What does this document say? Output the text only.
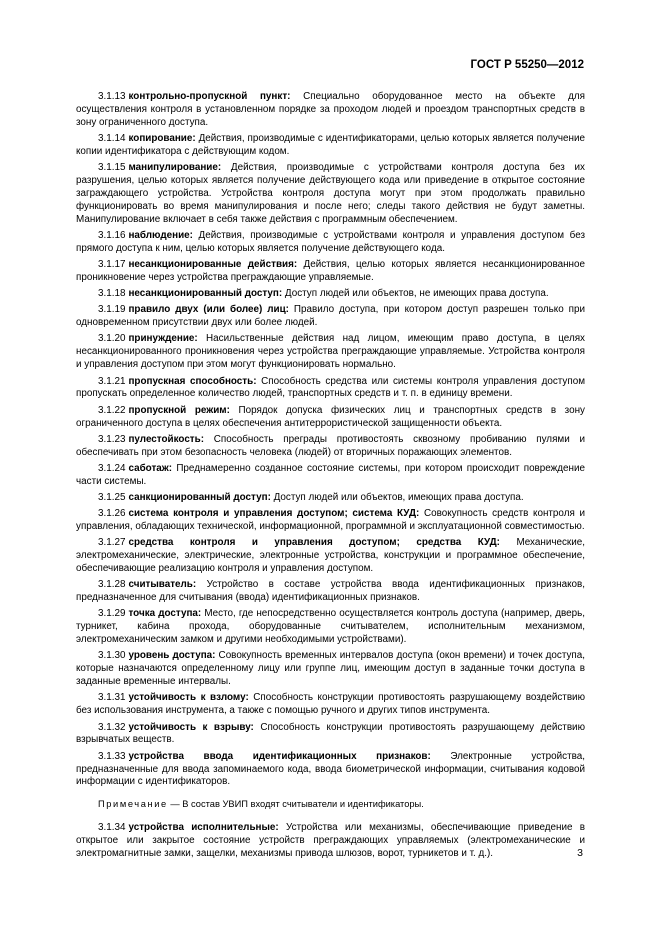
ГОСТ Р 55250—2012

3.1.13 контрольно-пропускной пункт: Специально оборудованное место на объекте для осуществления контроля в установленном порядке за проходом людей и проездом транспортных средств в зону ограниченного доступа.

3.1.14 копирование: Действия, производимые с идентификаторами, целью которых является получение копии идентификатора с действующим кодом.

3.1.15 манипулирование: Действия, производимые с устройствами контроля доступа без их разрушения, целью которых является получение действующего кода или приведение в открытое состояние заграждающего устройства. Устройства контроля доступа могут при этом продолжать правильно функционировать во время манипулирования и после него; следы такого действия не будут заметны. Манипулирование включает в себя также действия с программным обеспечением.

3.1.16 наблюдение: Действия, производимые с устройствами контроля и управления доступом без прямого доступа к ним, целью которых является получение действующего кода.

3.1.17 несанкционированные действия: Действия, целью которых является несанкционированное проникновение через устройства преграждающие управляемые.

3.1.18 несанкционированный доступ: Доступ людей или объектов, не имеющих права доступа.

3.1.19 правило двух (или более) лиц: Правило доступа, при котором доступ разрешен только при одновременном присутствии двух или более людей.

3.1.20 принуждение: Насильственные действия над лицом, имеющим право доступа, в целях несанкционированного проникновения через устройства преграждающие управляемые. Устройства контроля и управления доступом при этом могут функционировать нормально.

3.1.21 пропускная способность: Способность средства или системы контроля управления доступом пропускать определенное количество людей, транспортных средств и т. п. в единицу времени.

3.1.22 пропускной режим: Порядок допуска физических лиц и транспортных средств в зону ограниченного доступа в целях обеспечения антитеррористической защищенности объекта.

3.1.23 пулестойкость: Способность преграды противостоять сквозному пробиванию пулями и обеспечивать при этом безопасность человека (людей) от вторичных поражающих элементов.

3.1.24 саботаж: Преднамеренно созданное состояние системы, при котором происходит повреждение части системы.

3.1.25 санкционированный доступ: Доступ людей или объектов, имеющих права доступа.

3.1.26 система контроля и управления доступом; система КУД: Совокупность средств контроля и управления, обладающих технической, информационной, программной и эксплуатационной совместимостью.

3.1.27 средства контроля и управления доступом; средства КУД: Механические, электромеханические, электрические, электронные устройства, конструкции и программное обеспечение, обеспечивающие реализацию контроля и управления доступом.

3.1.28 считыватель: Устройство в составе устройства ввода идентификационных признаков, предназначенное для считывания (ввода) идентификационных признаков.

3.1.29 точка доступа: Место, где непосредственно осуществляется контроль доступа (например, дверь, турникет, кабина прохода, оборудованные считывателем, исполнительным механизмом, электромеханическим замком и другими необходимыми устройствами).

3.1.30 уровень доступа: Совокупность временных интервалов доступа (окон времени) и точек доступа, которые назначаются определенному лицу или группе лиц, имеющим доступ в заданные точки доступа в заданные временные интервалы.

3.1.31 устойчивость к взлому: Способность конструкции противостоять разрушающему воздействию без использования инструмента, а также с помощью ручного и других типов инструмента.

3.1.32 устойчивость к взрыву: Способность конструкции противостоять разрушающему действию взрывчатых веществ.

3.1.33 устройства ввода идентификационных признаков: Электронные устройства, предназначенные для ввода запоминаемого кода, ввода биометрической информации, считывания кодовой информации с идентификаторов.

Примечание — В состав УВИП входят считыватели и идентификаторы.

3.1.34 устройства исполнительные: Устройства или механизмы, обеспечивающие приведение в открытое или закрытое состояние устройств преграждающих управляемых (электромеханические и электромагнитные замки, защелки, механизмы привода шлюзов, ворот, турникетов и т. д.).	3
